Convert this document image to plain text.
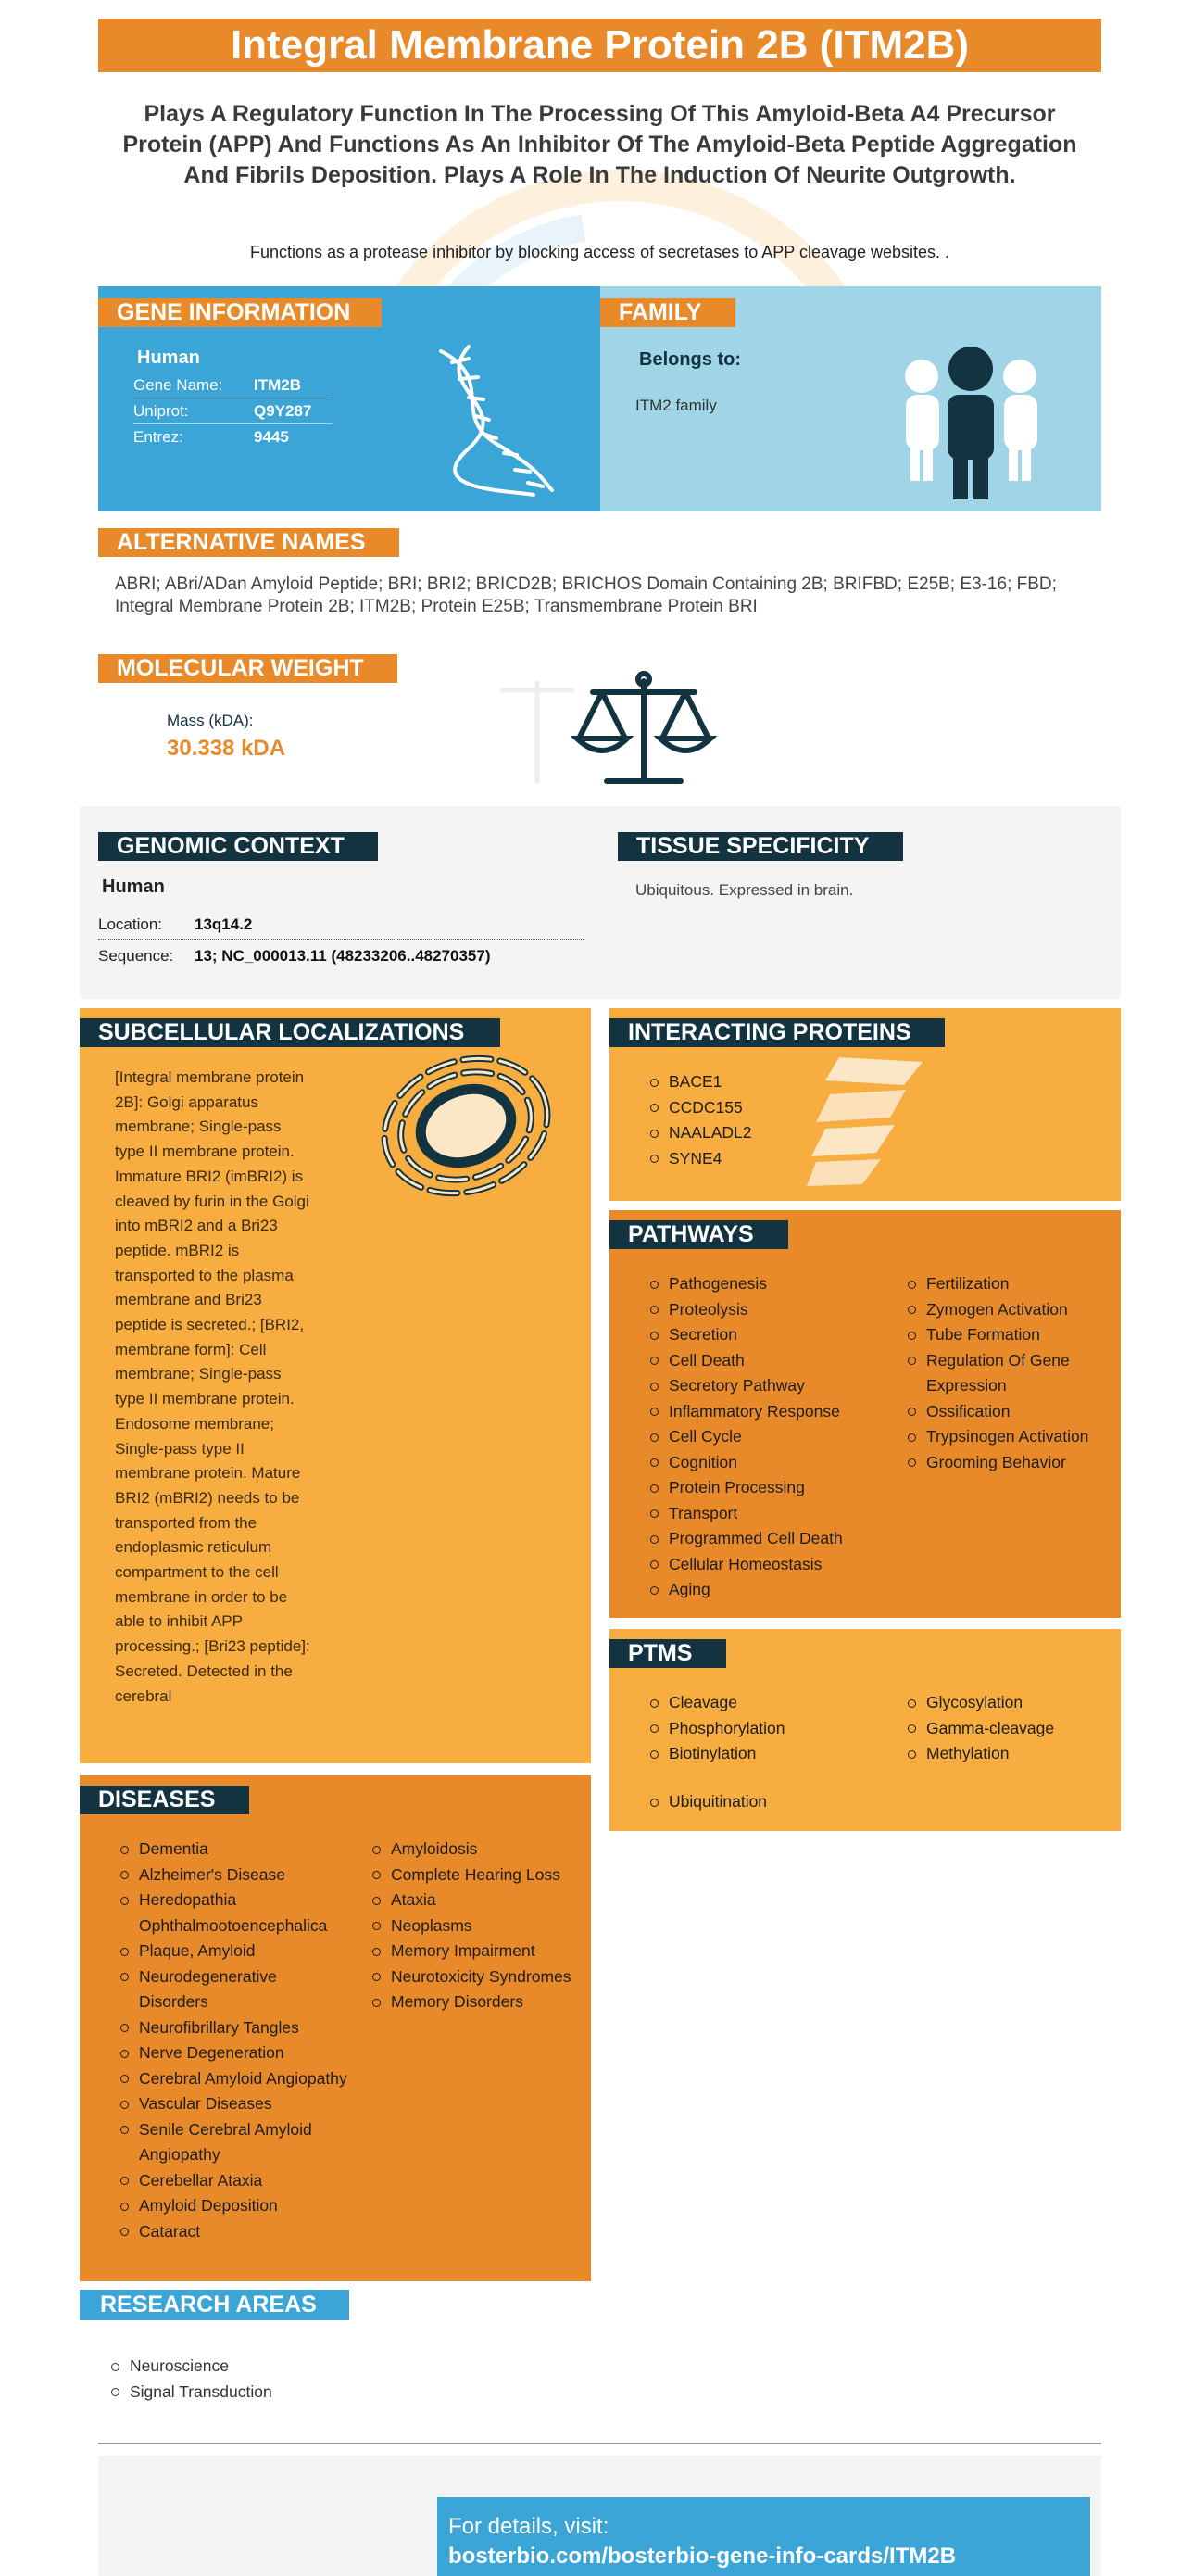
Integral Membrane Protein 2B (ITM2B)
Plays A Regulatory Function In The Processing Of This Amyloid-Beta A4 Precursor Protein (APP) And Functions As An Inhibitor Of The Amyloid-Beta Peptide Aggregation And Fibrils Deposition. Plays A Role In The Induction Of Neurite Outgrowth.
Functions as a protease inhibitor by blocking access of secretases to APP cleavage websites. .
GENE INFORMATION
Human
Gene Name: ITM2B
Uniprot:	Q9Y287
Entrez:	9445
FAMILY
Belongs to:
ITM2 family
ALTERNATIVE NAMES
ABRI; ABri/ADan Amyloid Peptide; BRI; BRI2; BRICD2B; BRICHOS Domain Containing 2B; BRIFBD; E25B; E3-16; FBD; Integral Membrane Protein 2B; ITM2B; Protein E25B; Transmembrane Protein BRI
MOLECULAR WEIGHT
Mass (kDA):
30.338 kDA
GENOMIC CONTEXT
Human
Location: 13q14.2
Sequence: 13; NC_000013.11 (48233206..48270357)
TISSUE SPECIFICITY
Ubiquitous. Expressed in brain.
SUBCELLULAR LOCALIZATIONS
[Integral membrane protein 2B]: Golgi apparatus membrane; Single-pass type II membrane protein. Immature BRI2 (imBRI2) is cleaved by furin in the Golgi into mBRI2 and a Bri23 peptide. mBRI2 is transported to the plasma membrane and Bri23 peptide is secreted.; [BRI2, membrane form]: Cell membrane; Single-pass type II membrane protein. Endosome membrane; Single-pass type II membrane protein. Mature BRI2 (mBRI2) needs to be transported from the endoplasmic reticulum compartment to the cell membrane in order to be able to inhibit APP processing.; [Bri23 peptide]: Secreted. Detected in the cerebral
INTERACTING PROTEINS
BACE1
CCDC155
NAALADL2
SYNE4
PATHWAYS
Pathogenesis
Proteolysis
Secretion
Cell Death
Secretory Pathway
Inflammatory Response
Cell Cycle
Cognition
Protein Processing
Transport
Programmed Cell Death
Cellular Homeostasis
Aging
Fertilization
Zymogen Activation
Tube Formation
Regulation Of Gene Expression
Ossification
Trypsinogen Activation
Grooming Behavior
PTMS
Cleavage
Phosphorylation
Biotinylation
Glycosylation
Gamma-cleavage
Methylation
Ubiquitination
DISEASES
Dementia
Alzheimer's Disease
Heredopathia Ophthalmootoencephalica
Plaque, Amyloid
Neurodegenerative Disorders
Neurofibrillary Tangles
Nerve Degeneration
Cerebral Amyloid Angiopathy
Vascular Diseases
Senile Cerebral Amyloid Angiopathy
Cerebellar Ataxia
Amyloid Deposition
Cataract
Amyloidosis
Complete Hearing Loss
Ataxia
Neoplasms
Memory Impairment
Neurotoxicity Syndromes
Memory Disorders
RESEARCH AREAS
Neuroscience
Signal Transduction
For details, visit:
bosterbio.com/bosterbio-gene-info-cards/ITM2B
